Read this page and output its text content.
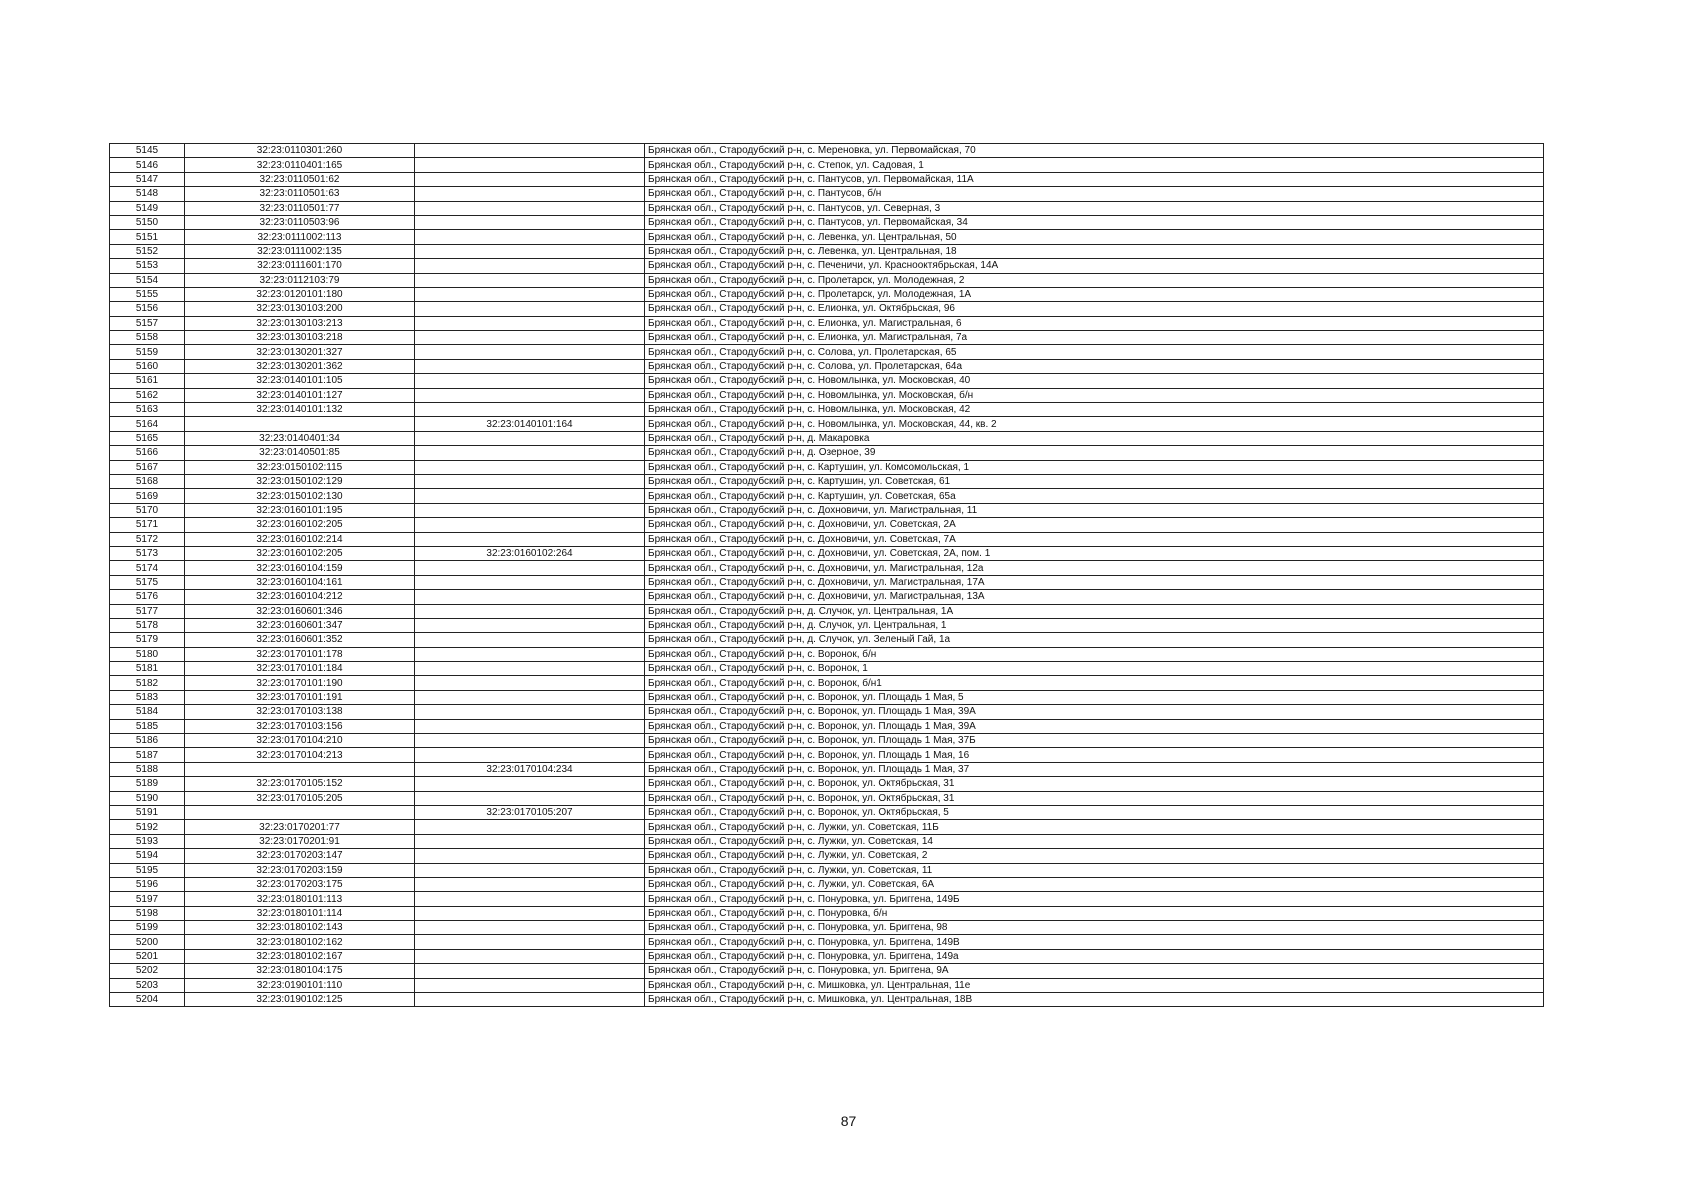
5145	32:23:0110301:260		Брянская обл., Стародубский р-н, с. Мереновка, ул. Первомайская, 70
5146	32:23:0110401:165		Брянская обл., Стародубский р-н, с. Степок, ул. Садовая, 1
5147	32:23:0110501:62		Брянская обл., Стародубский р-н, с. Пантусов, ул. Первомайская, 11А
5148	32:23:0110501:63		Брянская обл., Стародубский р-н, с. Пантусов, б/н
5149	32:23:0110501:77		Брянская обл., Стародубский р-н, с. Пантусов, ул. Северная, 3
5150	32:23:0110503:96		Брянская обл., Стародубский р-н, с. Пантусов, ул. Первомайская, 34
5151	32:23:0111002:113		Брянская обл., Стародубский р-н, с. Левенка, ул. Центральная, 50
5152	32:23:0111002:135		Брянская обл., Стародубский р-н, с. Левенка, ул. Центральная, 18
5153	32:23:0111601:170		Брянская обл., Стародубский р-н, с. Печеничи, ул. Краснооктябрьская, 14А
5154	32:23:0112103:79		Брянская обл., Стародубский р-н, с. Пролетарск, ул. Молодежная, 2
5155	32:23:0120101:180		Брянская обл., Стародубский р-н, с. Пролетарск, ул. Молодежная, 1А
5156	32:23:0130103:200		Брянская обл., Стародубский р-н, с. Елионка, ул. Октябрьская, 96
5157	32:23:0130103:213		Брянская обл., Стародубский р-н, с. Елионка, ул. Магистральная, 6
5158	32:23:0130103:218		Брянская обл., Стародубский р-н, с. Елионка, ул. Магистральная, 7а
5159	32:23:0130201:327		Брянская обл., Стародубский р-н, с. Солова, ул. Пролетарская, 65
5160	32:23:0130201:362		Брянская обл., Стародубский р-н, с. Солова, ул. Пролетарская, 64а
5161	32:23:0140101:105		Брянская обл., Стародубский р-н, с. Новомлынка, ул. Московская, 40
5162	32:23:0140101:127		Брянская обл., Стародубский р-н, с. Новомлынка, ул. Московская, б/н
5163	32:23:0140101:132		Брянская обл., Стародубский р-н, с. Новомлынка, ул. Московская, 42
5164		32:23:0140101:164	Брянская обл., Стародубский р-н, с. Новомлынка, ул. Московская, 44, кв. 2
5165	32:23:0140401:34		Брянская обл., Стародубский р-н, д. Макаровка
5166	32:23:0140501:85		Брянская обл., Стародубский р-н, д. Озерное, 39
5167	32:23:0150102:115		Брянская обл., Стародубский р-н, с. Картушин, ул. Комсомольская, 1
5168	32:23:0150102:129		Брянская обл., Стародубский р-н, с. Картушин, ул. Советская, 61
5169	32:23:0150102:130		Брянская обл., Стародубский р-н, с. Картушин, ул. Советская, 65а
5170	32:23:0160101:195		Брянская обл., Стародубский р-н, с. Дохновичи, ул. Магистральная, 11
5171	32:23:0160102:205		Брянская обл., Стародубский р-н, с. Дохновичи, ул. Советская, 2А
5172	32:23:0160102:214		Брянская обл., Стародубский р-н, с. Дохновичи, ул. Советская, 7А
5173	32:23:0160102:205	32:23:0160102:264	Брянская обл., Стародубский р-н, с. Дохновичи, ул. Советская, 2А, пом. 1
5174	32:23:0160104:159		Брянская обл., Стародубский р-н, с. Дохновичи, ул. Магистральная, 12а
5175	32:23:0160104:161		Брянская обл., Стародубский р-н, с. Дохновичи, ул. Магистральная, 17А
5176	32:23:0160104:212		Брянская обл., Стародубский р-н, с. Дохновичи, ул. Магистральная, 13А
5177	32:23:0160601:346		Брянская обл., Стародубский р-н, д. Случок, ул. Центральная, 1А
5178	32:23:0160601:347		Брянская обл., Стародубский р-н, д. Случок, ул. Центральная, 1
5179	32:23:0160601:352		Брянская обл., Стародубский р-н, д. Случок, ул. Зеленый Гай, 1а
5180	32:23:0170101:178		Брянская обл., Стародубский р-н, с. Воронок, б/н
5181	32:23:0170101:184		Брянская обл., Стародубский р-н, с. Воронок, 1
5182	32:23:0170101:190		Брянская обл., Стародубский р-н, с. Воронок, б/н1
5183	32:23:0170101:191		Брянская обл., Стародубский р-н, с. Воронок, ул. Площадь 1 Мая, 5
5184	32:23:0170103:138		Брянская обл., Стародубский р-н, с. Воронок, ул. Площадь 1 Мая, 39А
5185	32:23:0170103:156		Брянская обл., Стародубский р-н, с. Воронок, ул. Площадь 1 Мая, 39А
5186	32:23:0170104:210		Брянская обл., Стародубский р-н, с. Воронок, ул. Площадь 1 Мая, 37Б
5187	32:23:0170104:213		Брянская обл., Стародубский р-н, с. Воронок, ул. Площадь 1 Мая, 16
5188		32:23:0170104:234	Брянская обл., Стародубский р-н, с. Воронок, ул. Площадь 1 Мая, 37
5189	32:23:0170105:152		Брянская обл., Стародубский р-н, с. Воронок, ул. Октябрьская, 31
5190	32:23:0170105:205		Брянская обл., Стародубский р-н, с. Воронок, ул. Октябрьская, 31
5191		32:23:0170105:207	Брянская обл., Стародубский р-н, с. Воронок, ул. Октябрьская, 5
5192	32:23:0170201:77		Брянская обл., Стародубский р-н, с. Лужки, ул. Советская, 11Б
5193	32:23:0170201:91		Брянская обл., Стародубский р-н, с. Лужки, ул. Советская, 14
5194	32:23:0170203:147		Брянская обл., Стародубский р-н, с. Лужки, ул. Советская, 2
5195	32:23:0170203:159		Брянская обл., Стародубский р-н, с. Лужки, ул. Советская, 11
5196	32:23:0170203:175		Брянская обл., Стародубский р-н, с. Лужки, ул. Советская, 6А
5197	32:23:0180101:113		Брянская обл., Стародубский р-н, с. Понуровка, ул. Бриггена, 149Б
5198	32:23:0180101:114		Брянская обл., Стародубский р-н, с. Понуровка, б/н
5199	32:23:0180102:143		Брянская обл., Стародубский р-н, с. Понуровка, ул. Бриггена, 98
5200	32:23:0180102:162		Брянская обл., Стародубский р-н, с. Понуровка, ул. Бриггена, 149В
5201	32:23:0180102:167		Брянская обл., Стародубский р-н, с. Понуровка, ул. Бриггена, 149а
5202	32:23:0180104:175		Брянская обл., Стародубский р-н, с. Понуровка, ул. Бриггена, 9А
5203	32:23:0190101:110		Брянская обл., Стародубский р-н, с. Мишковка, ул. Центральная, 11е
5204	32:23:0190102:125		Брянская обл., Стародубский р-н, с. Мишковка, ул. Центральная, 18В
87
